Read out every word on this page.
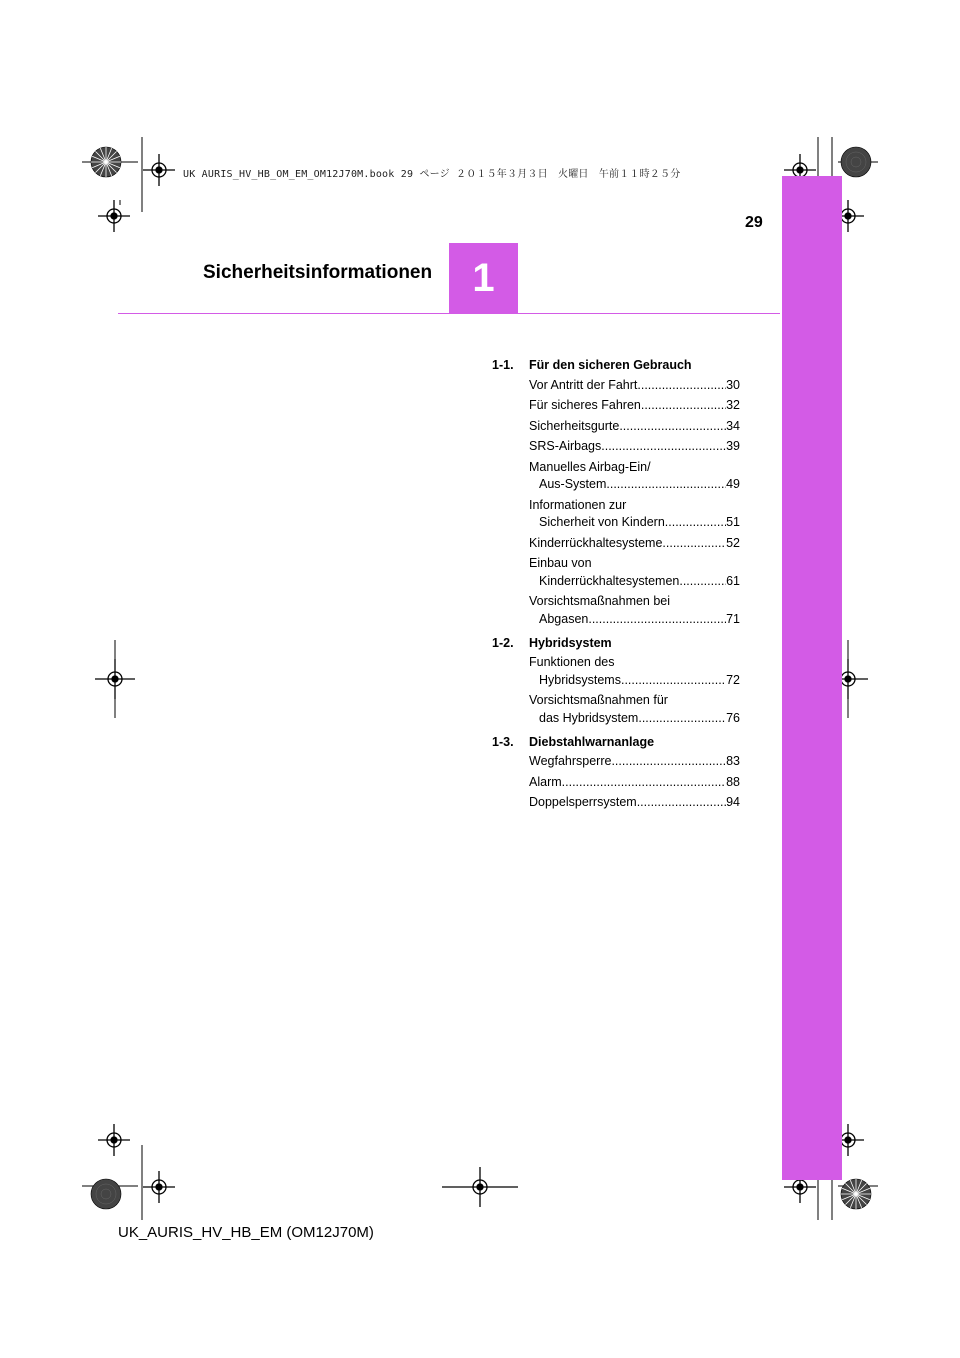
UK AURIS_HV_HB_OM_EM_OM12J70M.book 29 ページ ２０１５年３月３日　火曜日　午前１１時２５分
29
Sicherheitsinformationen 1
1-1.	Für den sicheren Gebrauch
Vor Antritt der Fahrt .....	30
Für sicheres Fahren .....	32
Sicherheitsgurte .....	34
SRS-Airbags .....	39
Manuelles Airbag-Ein/
Aus-System .....	49
Informationen zur
Sicherheit von Kindern .....	51
Kinderrückhaltesysteme .....	52
Einbau von
Kinderrückhaltesystemen .....	61
Vorsichtsmaßnahmen bei
Abgasen .....	71
1-2.	Hybridsystem
Funktionen des
Hybridsystems .....	72
Vorsichtsmaßnahmen für
das Hybridsystem .....	76
1-3.	Diebstahlwarnanlage
Wegfahrsperre .....	83
Alarm .....	88
Doppelsperrsystem .....	94
UK_AURIS_HV_HB_EM (OM12J70M)
